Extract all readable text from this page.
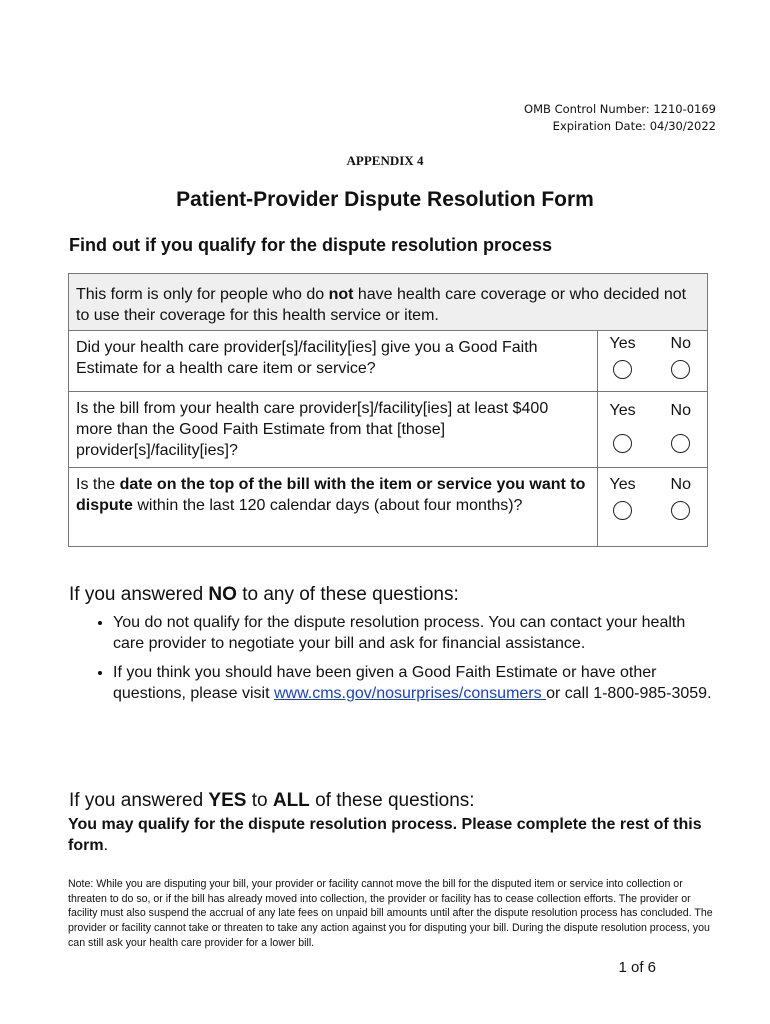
OMB Control Number: 1210-0169
Expiration Date: 04/30/2022
APPENDIX 4
Patient-Provider Dispute Resolution Form
Find out if you qualify for the dispute resolution process
This form is only for people who do not have health care coverage or who decided not to use their coverage for this health service or item.	
Did your health care provider[s]/facility[ies] give you a Good Faith Estimate for a health care item or service?	Yes No

Is the bill from your health care provider[s]/facility[ies] at least $400 more than the Good Faith Estimate from that [those] provider[s]/facility[ies]?	Yes No

Is the date on the top of the bill with the item or service you want to dispute within the last 120 calendar days (about four months)?	Yes No
If you answered NO to any of these questions:
• You do not qualify for the dispute resolution process. You can contact your health care provider to negotiate your bill and ask for financial assistance.
• If you think you should have been given a Good Faith Estimate or have other questions, please visit www.cms.gov/nosurprises/consumers or call 1-800-985-3059.
If you answered YES to ALL of these questions:
You may qualify for the dispute resolution process. Please complete the rest of this form.
Note: While you are disputing your bill, your provider or facility cannot move the bill for the disputed item or service into collection or threaten to do so, or if the bill has already moved into collection, the provider or facility has to cease collection efforts. The provider or facility must also suspend the accrual of any late fees on unpaid bill amounts until after the dispute resolution process has concluded. The provider or facility cannot take or threaten to take any action against you for disputing your bill. During the dispute resolution process, you can still ask your health care provider for a lower bill.
1 of 6
